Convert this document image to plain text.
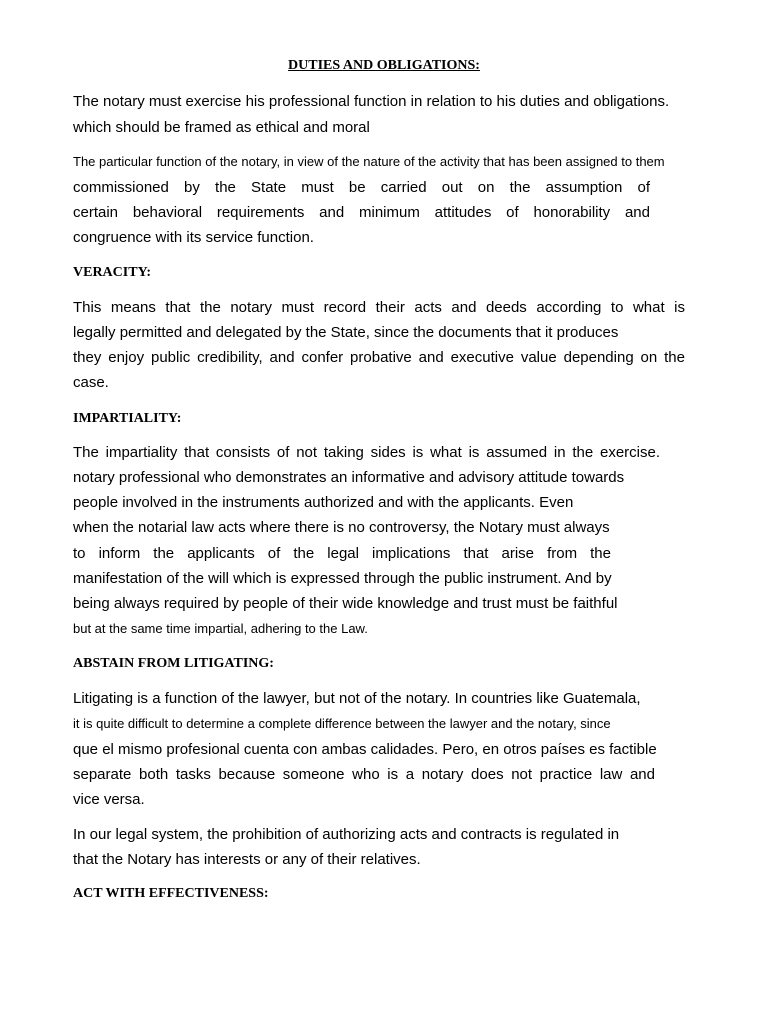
DUTIES AND OBLIGATIONS:
The notary must exercise his professional function in relation to his duties and obligations.
which should be framed as ethical and moral
The particular function of the notary, in view of the nature of the activity that has been assigned to them
commissioned by the State must be carried out on the assumption of
certain behavioral requirements and minimum attitudes of honorability and
congruence with its service function.
VERACITY:
This means that the notary must record their acts and deeds according to what is
legally permitted and delegated by the State, since the documents that it produces
they enjoy public credibility, and confer probative and executive value depending on the
case.
IMPARTIALITY:
The impartiality that consists of not taking sides is what is assumed in the exercise.
notary professional who demonstrates an informative and advisory attitude towards
people involved in the instruments authorized and with the applicants. Even
when the notarial law acts where there is no controversy, the Notary must always
to inform the applicants of the legal implications that arise from the
manifestation of the will which is expressed through the public instrument. And by
being always required by people of their wide knowledge and trust must be faithful
but at the same time impartial, adhering to the Law.
ABSTAIN FROM LITIGATING:
Litigating is a function of the lawyer, but not of the notary. In countries like Guatemala,
it is quite difficult to determine a complete difference between the lawyer and the notary, since
que el mismo profesional cuenta con ambas calidades. Pero, en otros países es factible
separate both tasks because someone who is a notary does not practice law and
vice versa.
In our legal system, the prohibition of authorizing acts and contracts is regulated in
that the Notary has interests or any of their relatives.
ACT WITH EFFECTIVENESS:
